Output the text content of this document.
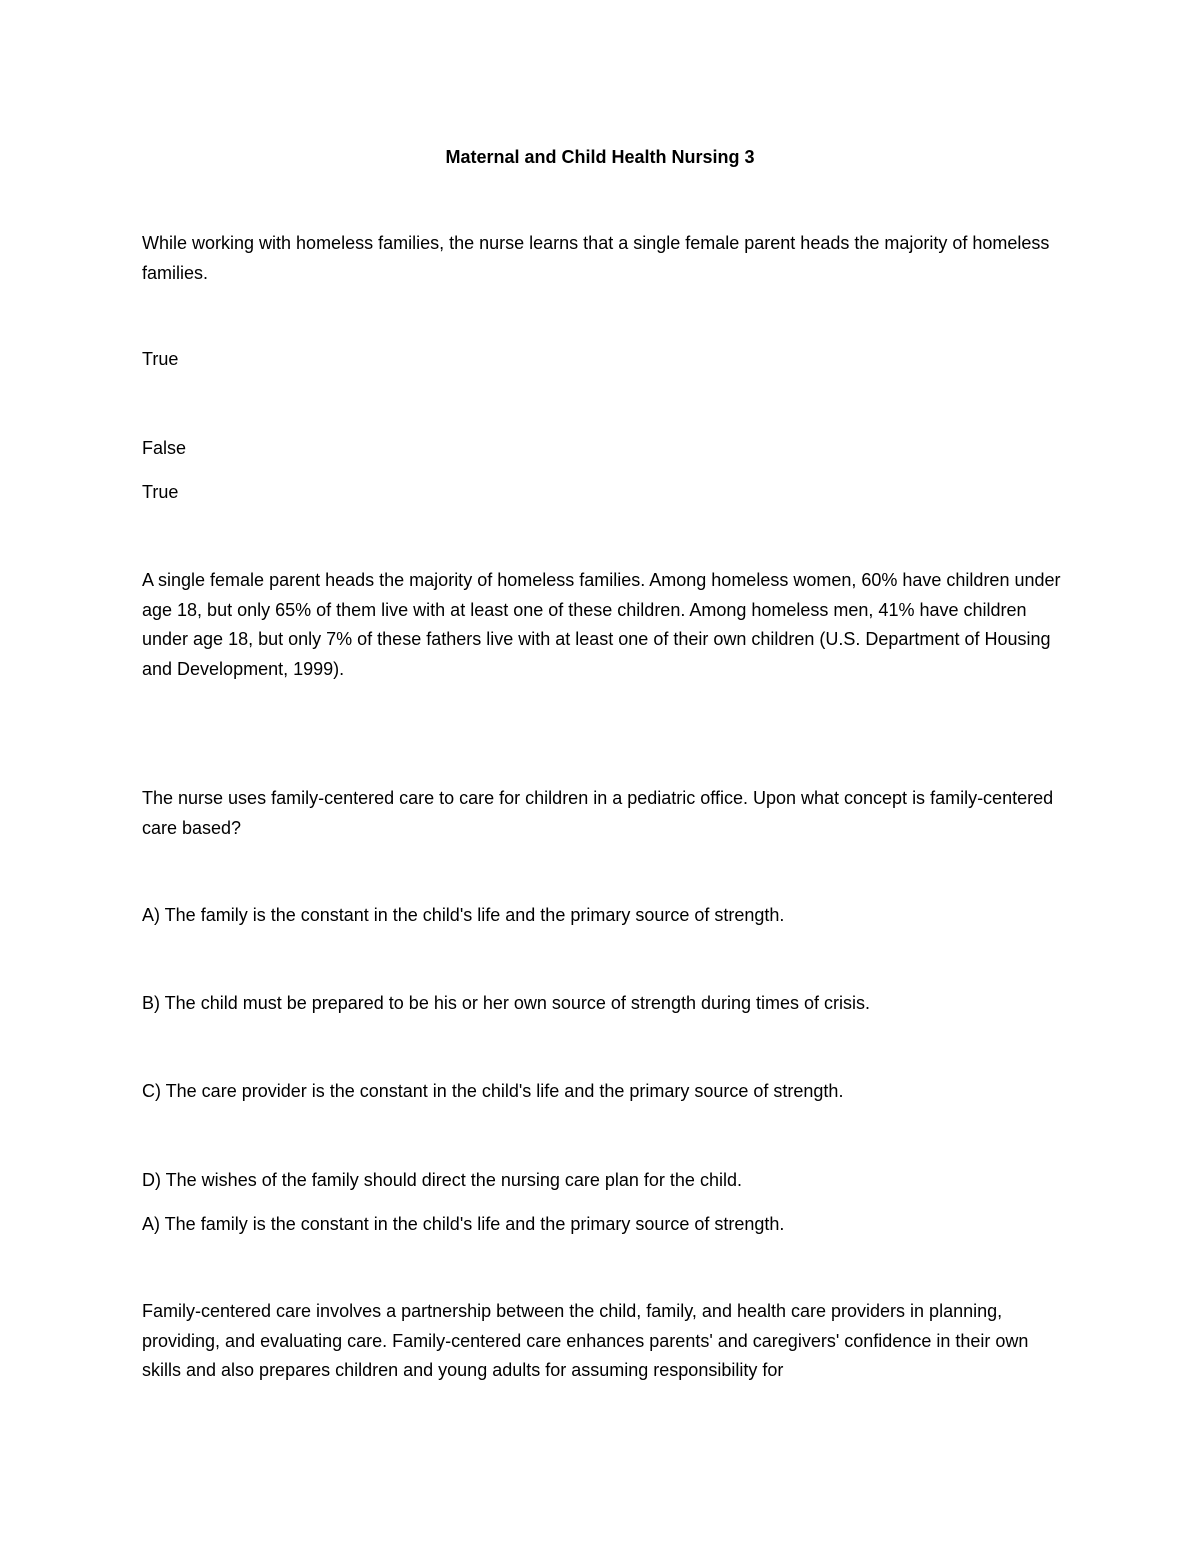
Maternal and Child Health Nursing 3
While working with homeless families, the nurse learns that a single female parent heads the majority of homeless families.
True
False
True
A single female parent heads the majority of homeless families. Among homeless women, 60% have children under age 18, but only 65% of them live with at least one of these children. Among homeless men, 41% have children under age 18, but only 7% of these fathers live with at least one of their own children (U.S. Department of Housing and Development, 1999).
The nurse uses family-centered care to care for children in a pediatric office. Upon what concept is family-centered care based?
A) The family is the constant in the child's life and the primary source of strength.
B) The child must be prepared to be his or her own source of strength during times of crisis.
C) The care provider is the constant in the child's life and the primary source of strength.
D) The wishes of the family should direct the nursing care plan for the child.
A) The family is the constant in the child's life and the primary source of strength.
Family-centered care involves a partnership between the child, family, and health care providers in planning, providing, and evaluating care. Family-centered care enhances parents' and caregivers' confidence in their own skills and also prepares children and young adults for assuming responsibility for
